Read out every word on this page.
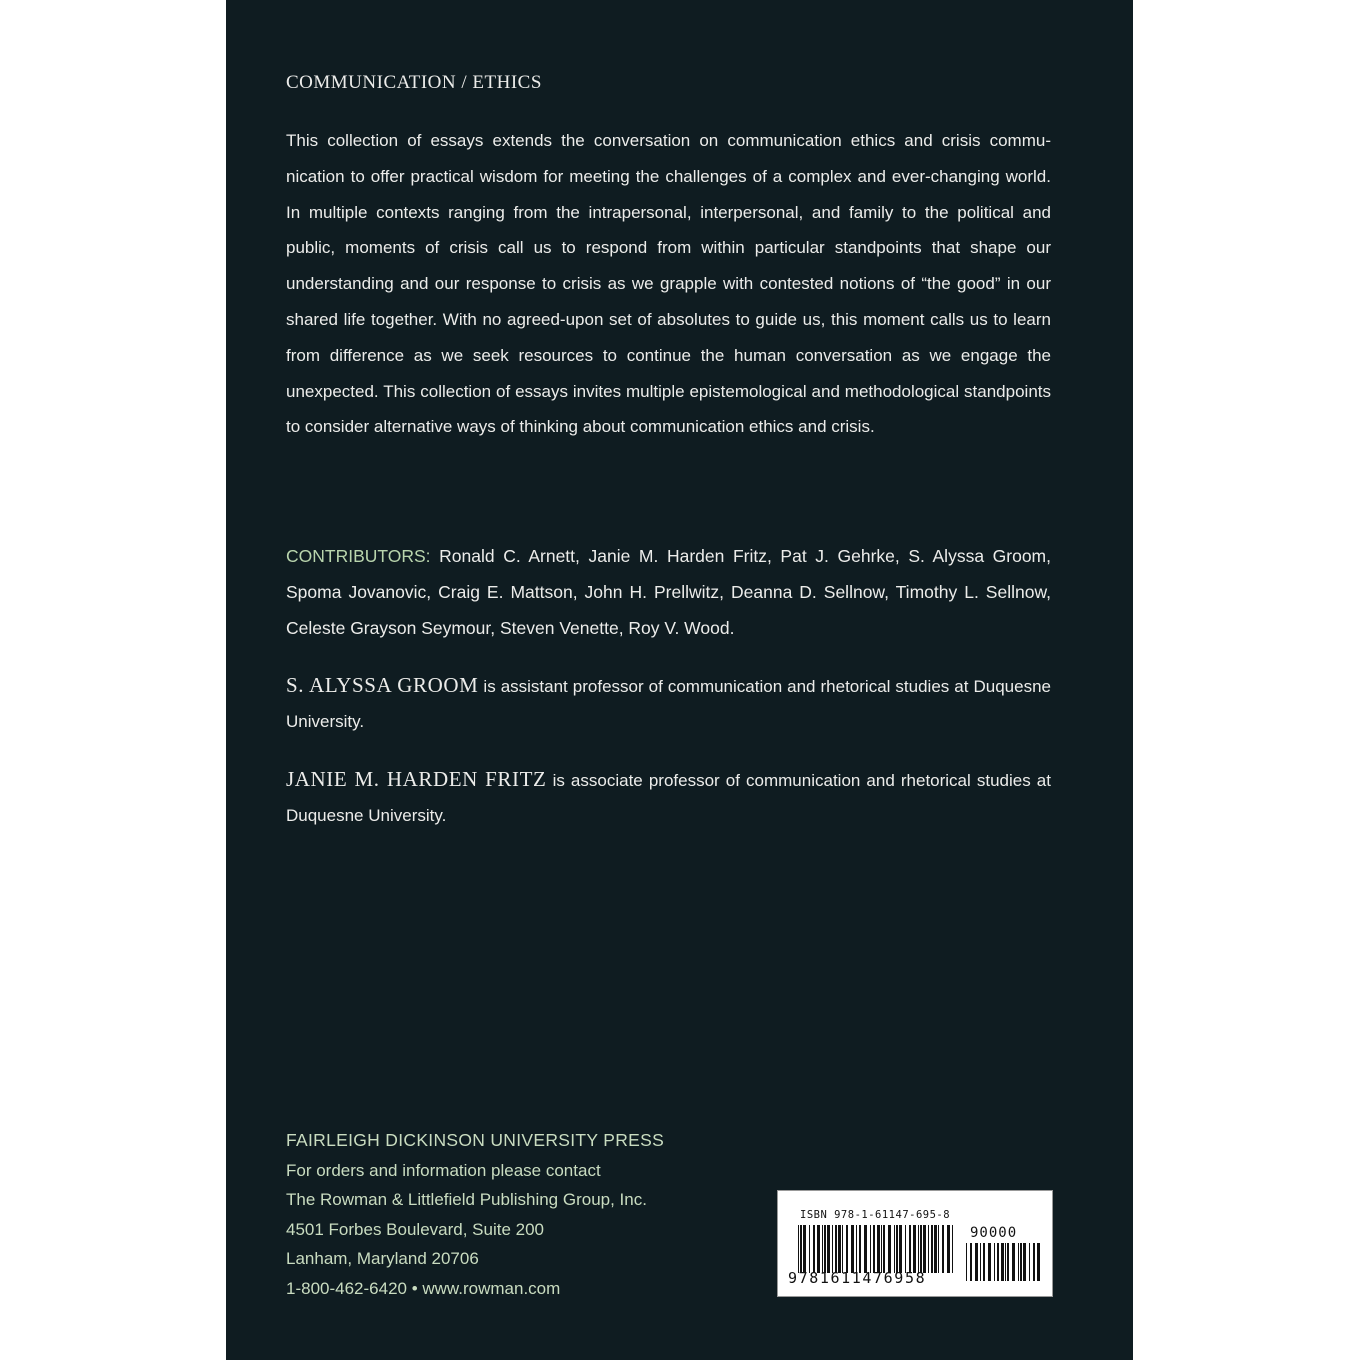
COMMUNICATION / ETHICS
This collection of essays extends the conversation on communication ethics and crisis communication to offer practical wisdom for meeting the challenges of a complex and ever-changing world. In multiple contexts ranging from the intrapersonal, interpersonal, and family to the political and public, moments of crisis call us to respond from within particular standpoints that shape our understanding and our response to crisis as we grapple with contested notions of “the good” in our shared life together. With no agreed-upon set of absolutes to guide us, this moment calls us to learn from difference as we seek resources to continue the human conversation as we engage the unexpected. This collection of essays invites multiple epistemological and methodological standpoints to consider alternative ways of thinking about communication ethics and crisis.
CONTRIBUTORS: Ronald C. Arnett, Janie M. Harden Fritz, Pat J. Gehrke, S. Alyssa Groom, Spoma Jovanovic, Craig E. Mattson, John H. Prellwitz, Deanna D. Sellnow, Timothy L. Sellnow, Celeste Grayson Seymour, Steven Venette, Roy V. Wood.
S. ALYSSA GROOM is assistant professor of communication and rhetorical studies at Duquesne University.
JANIE M. HARDEN FRITZ is associate professor of communication and rhetorical studies at Duquesne University.
FAIRLEIGH DICKINSON UNIVERSITY PRESS
For orders and information please contact
The Rowman & Littlefield Publishing Group, Inc.
4501 Forbes Boulevard, Suite 200
Lanham, Maryland 20706
1-800-462-6420 • www.rowman.com
ISBN 978-1-61147-695-8
90000
9781611476958
